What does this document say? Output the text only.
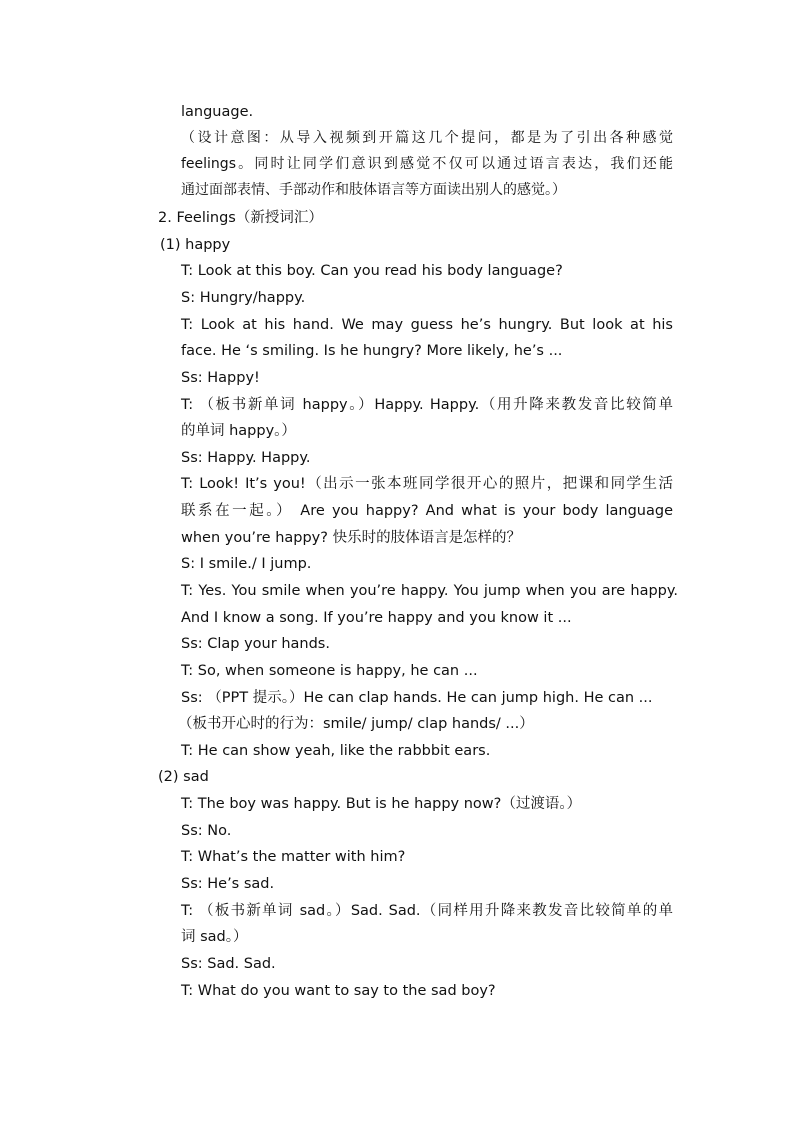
language.
（设计意图：从导入视频到开篇这几个提问，都是为了引出各种感觉
feelings。同时让同学们意识到感觉不仅可以通过语言表达，我们还能
通过面部表情、手部动作和肢体语言等方面读出别人的感觉。）
2. Feelings（新授词汇）
(1) happy
T: Look at this boy. Can you read his body language?
S: Hungry/happy.
T: Look at his hand. We may guess he’s hungry. But look at his
face. He ‘s smiling. Is he hungry? More likely, he’s ...
Ss: Happy!
T: （板书新单词 happy。）Happy. Happy.（用升降来教发音比较简单
的单词 happy。）
Ss: Happy. Happy.
T: Look! It’s you!（出示一张本班同学很开心的照片，把课和同学生活
联系在一起。） Are you happy? And what is your body language
when you’re happy? 快乐时的肢体语言是怎样的？
S: I smile./ I jump.
T: Yes. You smile when you’re happy. You jump when you are happy.
And I know a song. If you’re happy and you know it ...
Ss: Clap your hands.
T: So, when someone is happy, he can ...
Ss: （PPT 提示。）He can clap hands. He can jump high. He can ...
（板书开心时的行为：smile/ jump/ clap hands/ ...）
T: He can show yeah, like the rabbbit ears.
(2) sad
T: The boy was happy. But is he happy now?（过渡语。）
Ss: No.
T: What’s the matter with him?
Ss: He’s sad.
T: （板书新单词 sad。）Sad. Sad.（同样用升降来教发音比较简单的单
词 sad。）
Ss: Sad. Sad.
T: What do you want to say to the sad boy?
